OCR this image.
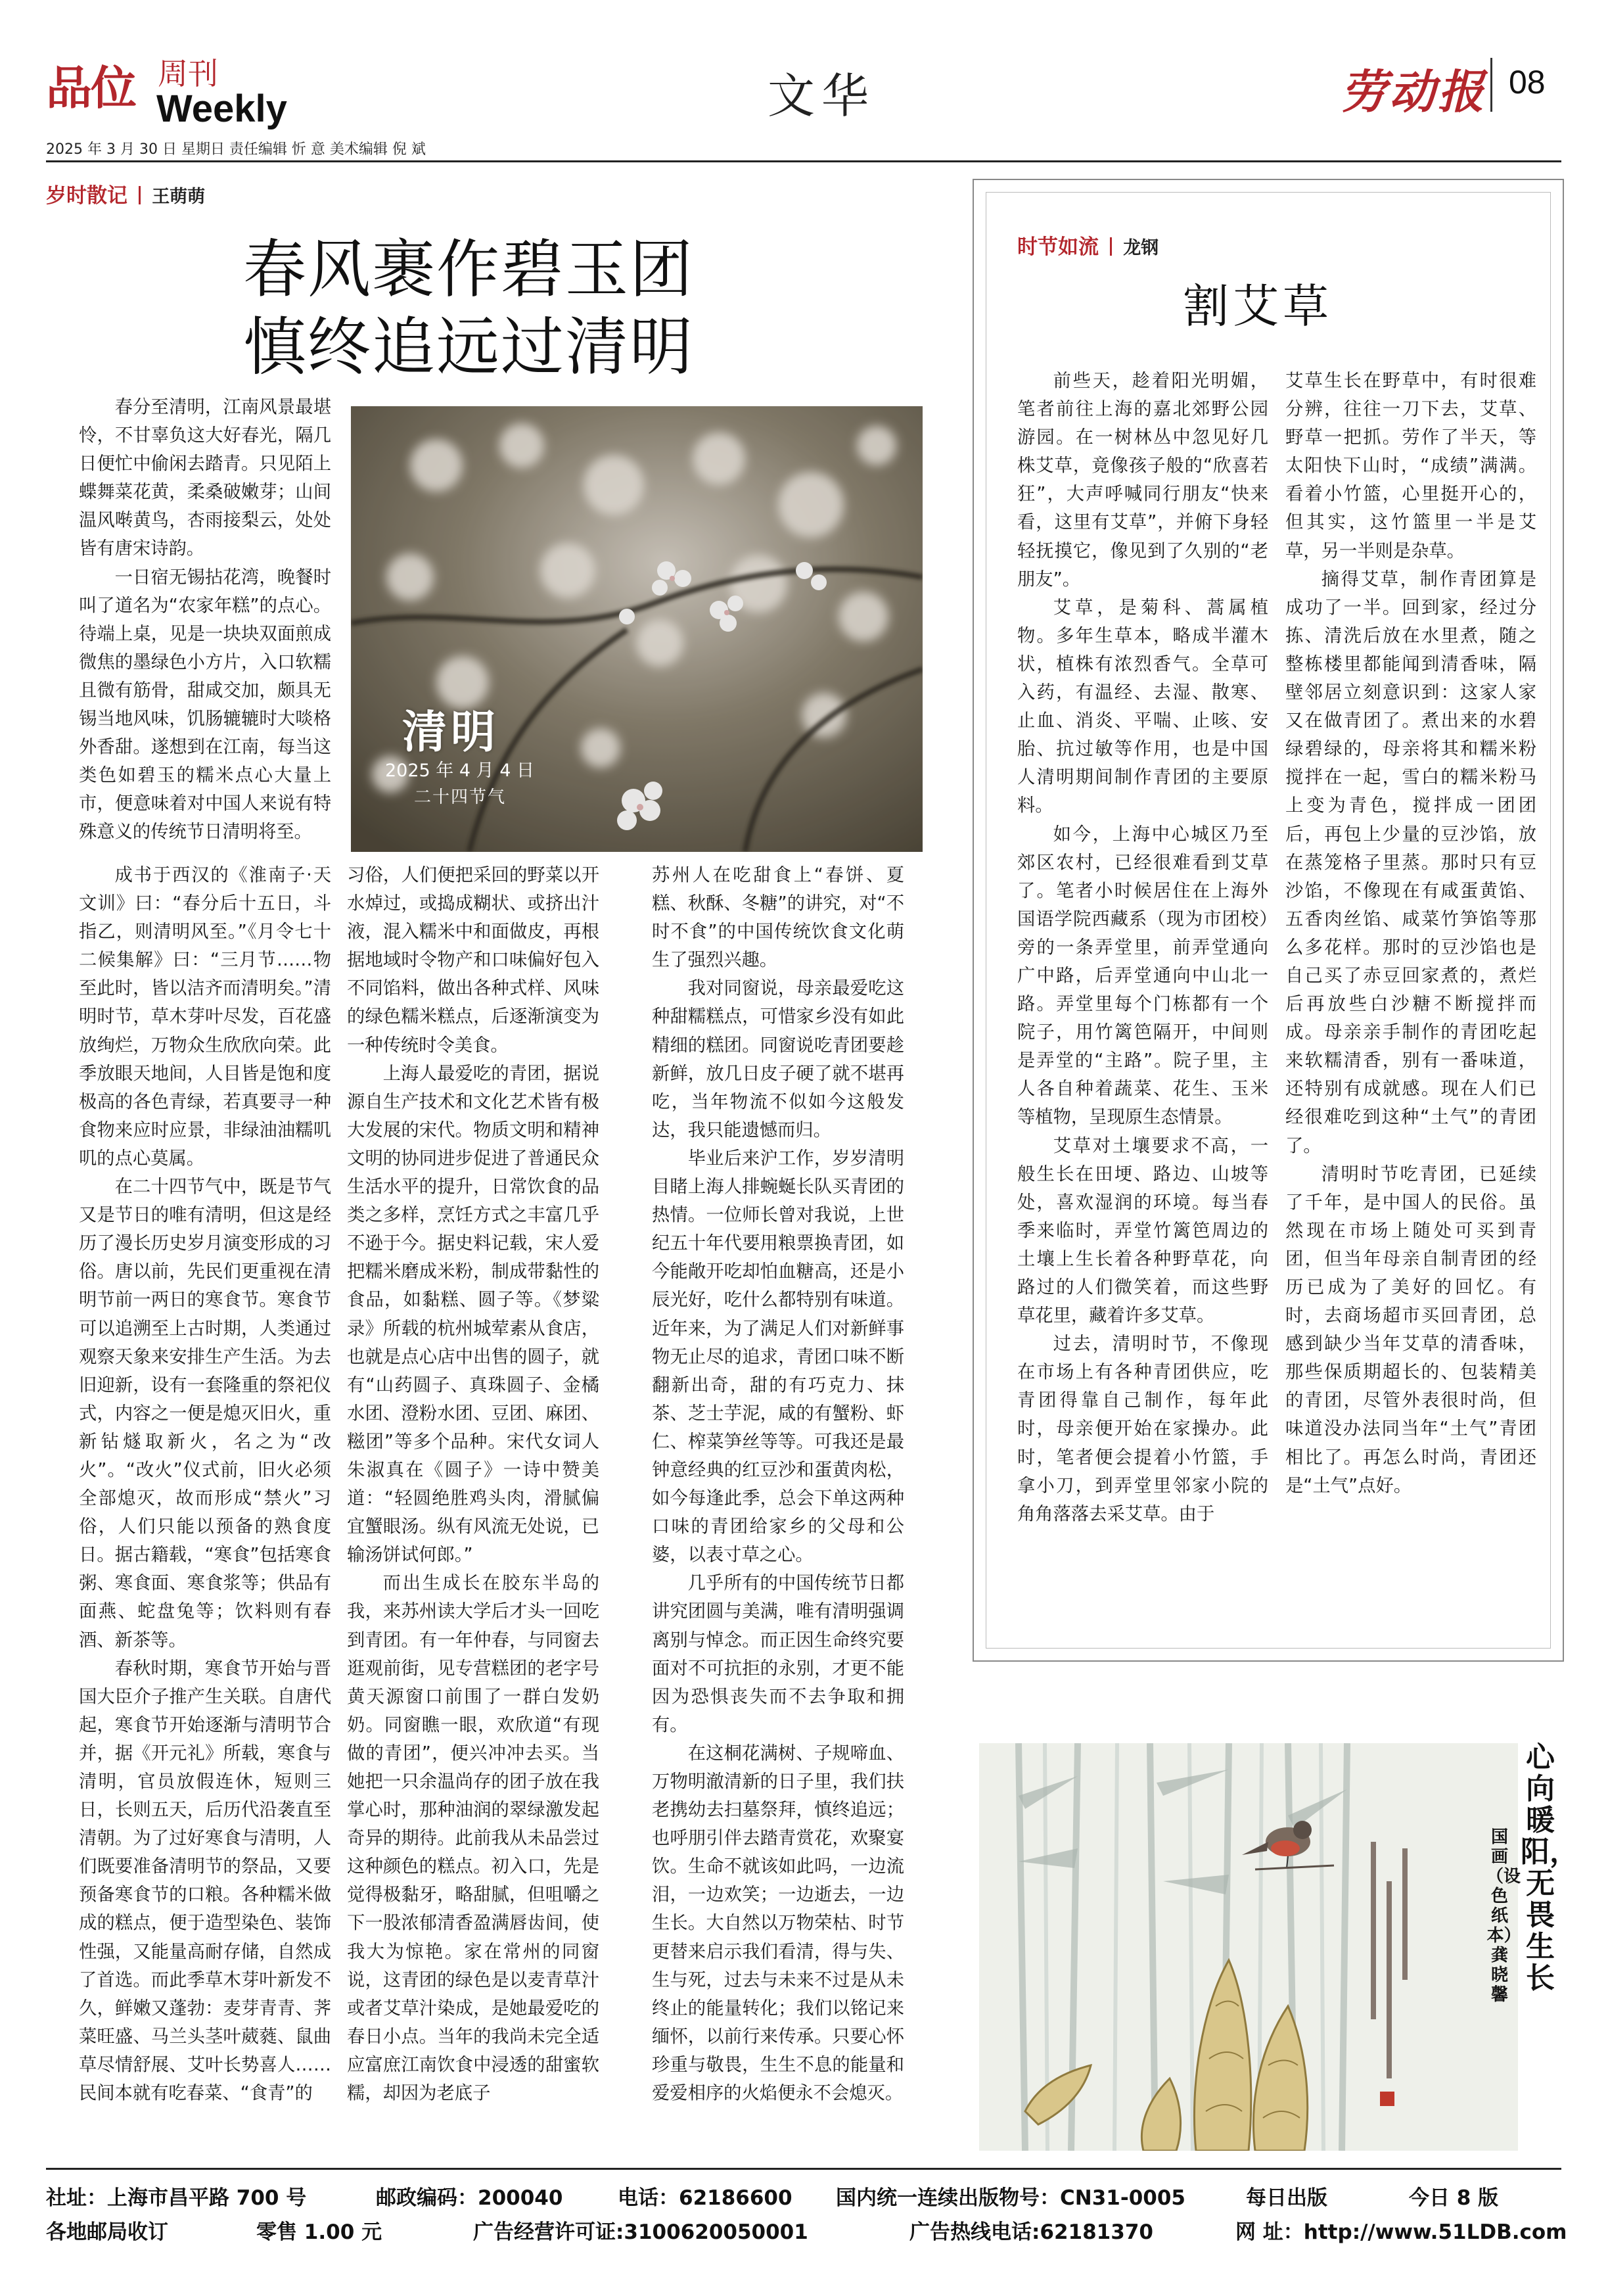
品位 周刊
Weekly	文华	劳动报 08
2025 年 3 月 30 日 星期日 责任编辑 忻 意 美术编辑 倪 斌
岁时散记 王萌萌
春风裹作碧玉团
慎终追远过清明
清明
2025 年 4 月 4 日
二十四节气

春分至清明，江南风景最堪怜，不甘辜负这大好春光，隔几日便忙中偷闲去踏青。只见陌上蝶舞菜花黄，柔桑破嫩芽；山间温风啭黄鸟，杏雨接梨云，处处皆有唐宋诗韵。

一日宿无锡拈花湾，晚餐时叫了道名为“农家年糕”的点心。待端上桌，见是一块块双面煎成微焦的墨绿色小方片，入口软糯且微有筋骨，甜咸交加，颇具无锡当地风味，饥肠辘辘时大啖格外香甜。遂想到在江南，每当这类色如碧玉的糯米点心大量上市，便意味着对中国人来说有特殊意义的传统节日清明将至。

成书于西汉的《淮南子·天文训》曰：“春分后十五日，斗指乙，则清明风至。”《月令七十二候集解》曰：“三月节……物至此时，皆以洁齐而清明矣。”清明时节，草木芽叶尽发，百花盛放绚烂，万物众生欣欣向荣。此季放眼天地间，人目皆是饱和度极高的各色青绿，若真要寻一种食物来应时应景，非绿油油糯叽叽的点心莫属。

在二十四节气中，既是节气又是节日的唯有清明，但这是经历了漫长历史岁月演变形成的习俗。唐以前，先民们更重视在清明节前一两日的寒食节。寒食节可以追溯至上古时期，人类通过观察天象来安排生产生活。为去旧迎新，设有一套隆重的祭祀仪式，内容之一便是熄灭旧火，重新钻燧取新火，名之为“改火”。“改火”仪式前，旧火必须全部熄灭，故而形成“禁火”习俗，人们只能以预备的熟食度日。据古籍载，“寒食”包括寒食粥、寒食面、寒食浆等；供品有面燕、蛇盘兔等；饮料则有春酒、新茶等。

春秋时期，寒食节开始与晋国大臣介子推产生关联。自唐代起，寒食节开始逐渐与清明节合并，据《开元礼》所载，寒食与清明，官员放假连休，短则三日，长则五天，后历代沿袭直至清朝。为了过好寒食与清明，人们既要准备清明节的祭品，又要预备寒食节的口粮。各种糯米做成的糕点，便于造型染色、装饰性强，又能量高耐存储，自然成了首选。而此季草木芽叶新发不久，鲜嫩又蓬勃：麦芽青青、荠菜旺盛、马兰头茎叶葳蕤、鼠曲草尽情舒展、艾叶长势喜人……民间本就有吃春菜、“食青”的

习俗，人们便把采回的野菜以开水焯过，或捣成糊状、或挤出汁液，混入糯米中和面做皮，再根据地域时令物产和口味偏好包入不同馅料，做出各种式样、风味的绿色糯米糕点，后逐渐演变为一种传统时令美食。

上海人最爱吃的青团，据说源自生产技术和文化艺术皆有极大发展的宋代。物质文明和精神文明的协同进步促进了普通民众生活水平的提升，日常饮食的品类之多样，烹饪方式之丰富几乎不逊于今。据史料记载，宋人爱把糯米磨成米粉，制成带黏性的食品，如黏糕、圆子等。《梦粱录》所载的杭州城荤素从食店，也就是点心店中出售的圆子，就有“山药圆子、真珠圆子、金橘水团、澄粉水团、豆团、麻团、糍团”等多个品种。宋代女词人朱淑真在《圆子》一诗中赞美道：“轻圆绝胜鸡头肉，滑腻偏宜蟹眼汤。纵有风流无处说，已输汤饼试何郎。”

而出生成长在胶东半岛的我，来苏州读大学后才头一回吃到青团。有一年仲春，与同窗去逛观前街，见专营糕团的老字号黄天源窗口前围了一群白发奶奶。同窗瞧一眼，欢欣道“有现做的青团”，便兴冲冲去买。当她把一只余温尚存的团子放在我掌心时，那种油润的翠绿激发起奇异的期待。此前我从未品尝过这种颜色的糕点。初入口，先是觉得极黏牙，略甜腻，但咀嚼之下一股浓郁清香盈满唇齿间，使我大为惊艳。家在常州的同窗说，这青团的绿色是以麦青草汁或者艾草汁染成，是她最爱吃的春日小点。当年的我尚未完全适应富庶江南饮食中浸透的甜蜜软糯，却因为老底子

苏州人在吃甜食上“春饼、夏糕、秋酥、冬糖”的讲究，对“不时不食”的中国传统饮食文化萌生了强烈兴趣。

我对同窗说，母亲最爱吃这种甜糯糕点，可惜家乡没有如此精细的糕团。同窗说吃青团要趁新鲜，放几日皮子硬了就不堪再吃，当年物流不似如今这般发达，我只能遗憾而归。

毕业后来沪工作，岁岁清明目睹上海人排蜿蜒长队买青团的热情。一位师长曾对我说，上世纪五十年代要用粮票换青团，如今能敞开吃却怕血糖高，还是小辰光好，吃什么都特别有味道。近年来，为了满足人们对新鲜事物无止尽的追求，青团口味不断翻新出奇，甜的有巧克力、抹茶、芝士芋泥，咸的有蟹粉、虾仁、榨菜笋丝等等。可我还是最钟意经典的红豆沙和蛋黄肉松，如今每逢此季，总会下单这两种口味的青团给家乡的父母和公婆，以表寸草之心。

几乎所有的中国传统节日都讲究团圆与美满，唯有清明强调离别与悼念。而正因生命终究要面对不可抗拒的永别，才更不能因为恐惧丧失而不去争取和拥有。

在这桐花满树、子规啼血、万物明澈清新的日子里，我们扶老携幼去扫墓祭拜，慎终追远；也呼朋引伴去踏青赏花，欢聚宴饮。生命不就该如此吗，一边流泪，一边欢笑；一边逝去，一边生长。大自然以万物荣枯、时节更替来启示我们看清，得与失、生与死，过去与未来不过是从未终止的能量转化；我们以铭记来缅怀，以前行来传承。只要心怀珍重与敬畏，生生不息的能量和爱爱相序的火焰便永不会熄灭。

时节如流 龙钢
割艾草

前些天，趁着阳光明媚，笔者前往上海的嘉北郊野公园游园。在一树林丛中忽见好几株艾草，竟像孩子般的“欣喜若狂”，大声呼喊同行朋友“快来看，这里有艾草”，并俯下身轻轻抚摸它，像见到了久别的“老朋友”。

艾草，是菊科、蒿属植物。多年生草本，略成半灌木状，植株有浓烈香气。全草可入药，有温经、去湿、散寒、止血、消炎、平喘、止咳、安胎、抗过敏等作用，也是中国人清明期间制作青团的主要原料。

如今，上海中心城区乃至郊区农村，已经很难看到艾草了。笔者小时候居住在上海外国语学院西藏系（现为市团校）旁的一条弄堂里，前弄堂通向广中路，后弄堂通向中山北一路。弄堂里每个门栋都有一个院子，用竹篱笆隔开，中间则是弄堂的“主路”。院子里，主人各自种着蔬菜、花生、玉米等植物，呈现原生态情景。

艾草对土壤要求不高，一般生长在田埂、路边、山坡等处，喜欢湿润的环境。每当春季来临时，弄堂竹篱笆周边的土壤上生长着各种野草花，向路过的人们微笑着，而这些野草花里，藏着许多艾草。

过去，清明时节，不像现在市场上有各种青团供应，吃青团得靠自己制作，每年此时，母亲便开始在家操办。此时，笔者便会提着小竹篮，手拿小刀，到弄堂里邻家小院的角角落落去采艾草。由于

艾草生长在野草中，有时很难分辨，往往一刀下去，艾草、野草一把抓。劳作了半天，等太阳快下山时，“成绩”满满。看着小竹篮，心里挺开心的，但其实，这竹篮里一半是艾草，另一半则是杂草。

摘得艾草，制作青团算是成功了一半。回到家，经过分拣、清洗后放在水里煮，随之整栋楼里都能闻到清香味，隔壁邻居立刻意识到：这家人家又在做青团了。煮出来的水碧绿碧绿的，母亲将其和糯米粉搅拌在一起，雪白的糯米粉马上变为青色，搅拌成一团团后，再包上少量的豆沙馅，放在蒸笼格子里蒸。那时只有豆沙馅，不像现在有咸蛋黄馅、五香肉丝馅、咸菜竹笋馅等那么多花样。那时的豆沙馅也是自己买了赤豆回家煮的，煮烂后再放些白沙糖不断搅拌而成。母亲亲手制作的青团吃起来软糯清香，别有一番味道，还特别有成就感。现在人们已经很难吃到这种“土气”的青团了。

清明时节吃青团，已延续了千年，是中国人的民俗。虽然现在市场上随处可买到青团，但当年母亲自制青团的经历已成为了美好的回忆。有时，去商场超市买回青团，总感到缺少当年艾草的清香味，那些保质期超长的、包装精美的青团，尽管外表很时尚，但味道没办法同当年“土气”青团相比了。再怎么时尚，青团还是“土气”点好。

心向暖阳，无畏生长
国画（设色纸本）龚晓馨
社址：上海市昌平路 700 号	邮政编码：200040	电话：62186600 国内统一连续出版物号：CN31-0005	每日出版	今日 8 版
各地邮局收订	零售 1.00 元	广告经营许可证:3100620050001	广告热线电话:62181370	网 址：http://www.51LDB.com
